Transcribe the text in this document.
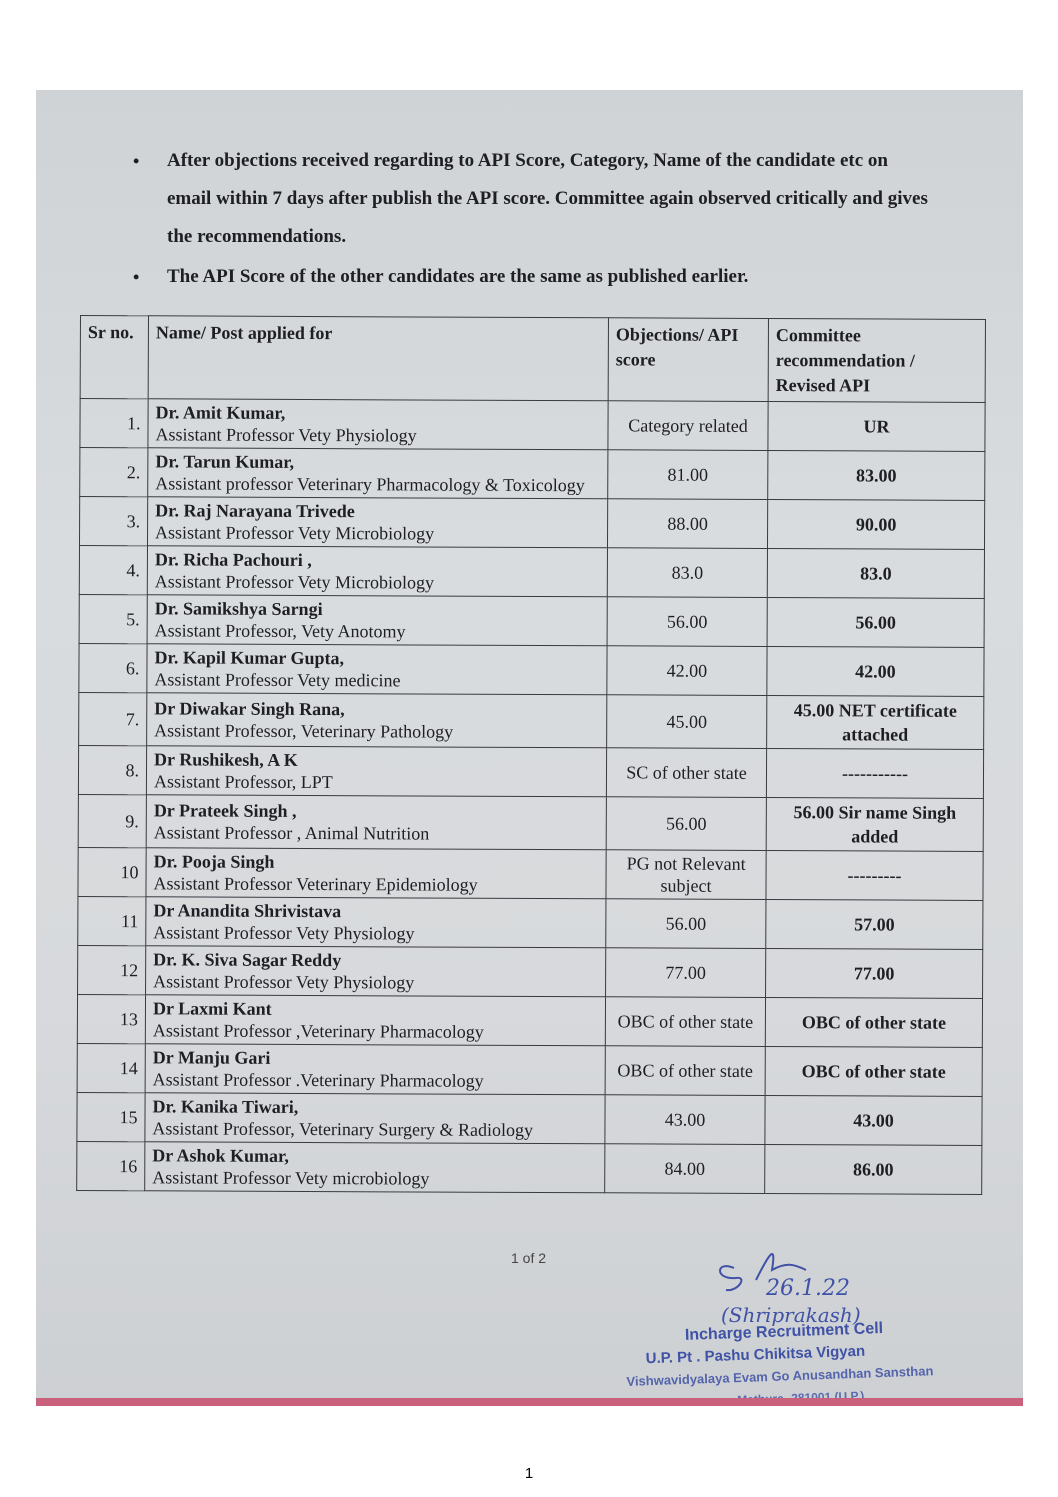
• After objections received regarding to API Score, Category, Name of the candidate etc on email within 7 days after publish the API score. Committee again observed critically and gives the recommendations.
• The API Score of the other candidates are the same as published earlier.
Sr no.	Name/ Post applied for	Objections/ API score	Committee recommendation / Revised API
1.	Dr. Amit Kumar,
Assistant Professor Vety Physiology	Category related	UR
2.	Dr. Tarun Kumar,
Assistant professor Veterinary Pharmacology & Toxicology	81.00	83.00
3.	Dr. Raj Narayana Trivede
Assistant Professor Vety Microbiology	88.00	90.00
4.	Dr. Richa Pachouri ,
Assistant Professor Vety Microbiology	83.0	83.0
5.	Dr. Samikshya Sarngi
Assistant Professor, Vety Anotomy	56.00	56.00
6.	Dr. Kapil Kumar Gupta,
Assistant Professor Vety medicine	42.00	42.00
7.	Dr Diwakar Singh Rana,
Assistant Professor, Veterinary Pathology	45.00	45.00 NET certificate attached
8.	Dr Rushikesh, A K
Assistant Professor, LPT	SC of other state	-----------
9.	Dr Prateek Singh ,
Assistant Professor , Animal Nutrition	56.00	56.00 Sir name Singh added
10	Dr. Pooja Singh
Assistant Professor Veterinary Epidemiology	PG not Relevant subject	---------
11	Dr Anandita Shrivistava
Assistant Professor Vety Physiology	56.00	57.00
12	Dr. K. Siva Sagar Reddy
Assistant Professor Vety Physiology	77.00	77.00
13	Dr Laxmi Kant
Assistant Professor ,Veterinary Pharmacology	OBC of other state	OBC of other state
14	Dr Manju Gari
Assistant Professor .Veterinary Pharmacology	OBC of other state	OBC of other state
15	Dr. Kanika Tiwari,
Assistant Professor, Veterinary Surgery & Radiology	43.00	43.00
16	Dr Ashok Kumar,
Assistant Professor Vety microbiology	84.00	86.00
1 of 2
26.1.22
(Shriprakash)
Incharge Recruitment Cell
U.P. Pt . Pashu Chikitsa Vigyan
Vishwavidyalaya Evam Go Anusandhan Sansthan
1
